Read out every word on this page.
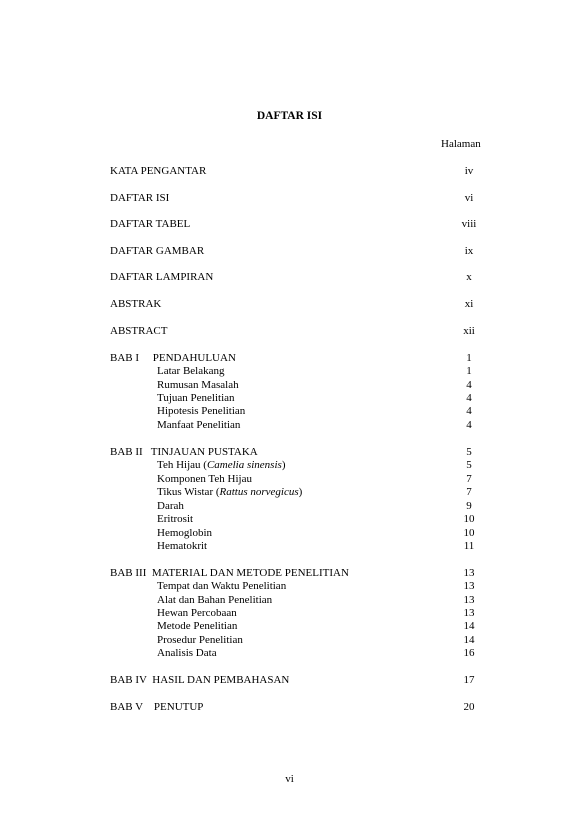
DAFTAR ISI
Halaman
KATA PENGANTAR	iv
DAFTAR ISI	vi
DAFTAR TABEL	viii
DAFTAR GAMBAR	ix
DAFTAR LAMPIRAN	x
ABSTRAK	xi
ABSTRACT	xii
BAB I     PENDAHULUAN	1
Latar Belakang	1
Rumusan Masalah	4
Tujuan Penelitian	4
Hipotesis Penelitian	4
Manfaat Penelitian	4
BAB II   TINJAUAN PUSTAKA	5
Teh Hijau (Camelia sinensis)	5
Komponen Teh Hijau	7
Tikus Wistar (Rattus norvegicus)	7
Darah	9
Eritrosit	10
Hemoglobin	10
Hematokrit	11
BAB III  MATERIAL DAN METODE PENELITIAN	13
Tempat dan Waktu Penelitian	13
Alat dan Bahan Penelitian	13
Hewan Percobaan	13
Metode Penelitian	14
Prosedur Penelitian	14
Analisis Data	16
BAB IV  HASIL DAN PEMBAHASAN	17
BAB V    PENUTUP	20
vi
